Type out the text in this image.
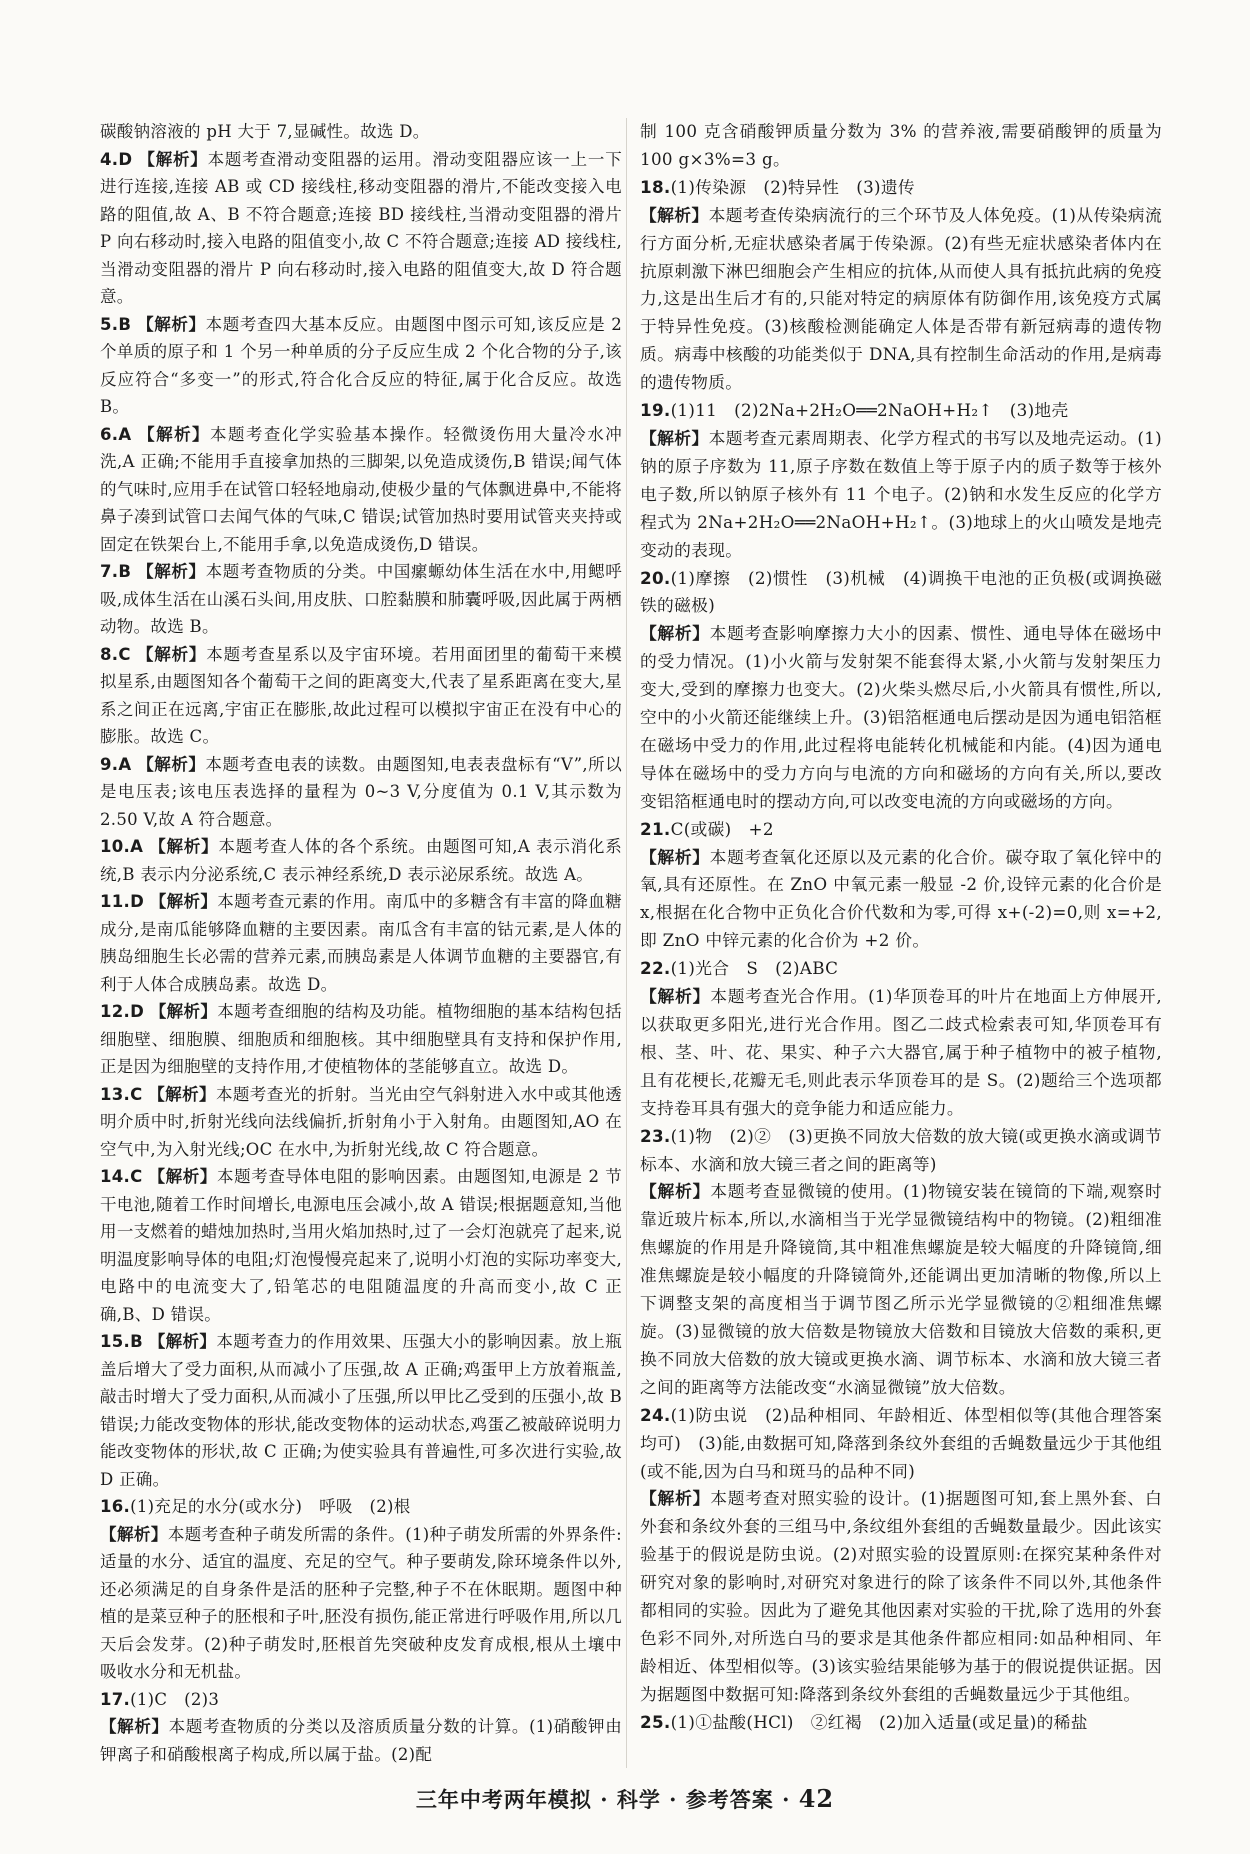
碳酸钠溶液的 pH 大于 7,显碱性。故选 D。
4.D 【解析】本题考查滑动变阻器的运用。滑动变阻器应该一上一下进行连接,连接 AB 或 CD 接线柱,移动变阻器的滑片,不能改变接入电路的阻值,故 A、B 不符合题意;连接 BD 接线柱,当滑动变阻器的滑片 P 向右移动时,接入电路的阻值变小,故 C 不符合题意;连接 AD 接线柱,当滑动变阻器的滑片 P 向右移动时,接入电路的阻值变大,故 D 符合题意。
5.B 【解析】本题考查四大基本反应。由题图中图示可知,该反应是 2 个单质的原子和 1 个另一种单质的分子反应生成 2 个化合物的分子,该反应符合“多变一”的形式,符合化合反应的特征,属于化合反应。故选 B。
6.A 【解析】本题考查化学实验基本操作。轻微烫伤用大量冷水冲洗,A 正确;不能用手直接拿加热的三脚架,以免造成烫伤,B 错误;闻气体的气味时,应用手在试管口轻轻地扇动,使极少量的气体飘进鼻中,不能将鼻子凑到试管口去闻气体的气味,C 错误;试管加热时要用试管夹夹持或固定在铁架台上,不能用手拿,以免造成烫伤,D 错误。
7.B 【解析】本题考查物质的分类。中国瘰螈幼体生活在水中,用鳃呼吸,成体生活在山溪石头间,用皮肤、口腔黏膜和肺囊呼吸,因此属于两栖动物。故选 B。
8.C 【解析】本题考查星系以及宇宙环境。若用面团里的葡萄干来模拟星系,由题图知各个葡萄干之间的距离变大,代表了星系距离在变大,星系之间正在远离,宇宙正在膨胀,故此过程可以模拟宇宙正在没有中心的膨胀。故选 C。
9.A 【解析】本题考查电表的读数。由题图知,电表表盘标有“V”,所以是电压表;该电压表选择的量程为 0~3 V,分度值为 0.1 V,其示数为 2.50 V,故 A 符合题意。
10.A 【解析】本题考查人体的各个系统。由题图可知,A 表示消化系统,B 表示内分泌系统,C 表示神经系统,D 表示泌尿系统。故选 A。
11.D 【解析】本题考查元素的作用。南瓜中的多糖含有丰富的降血糖成分,是南瓜能够降血糖的主要因素。南瓜含有丰富的钴元素,是人体的胰岛细胞生长必需的营养元素,而胰岛素是人体调节血糖的主要器官,有利于人体合成胰岛素。故选 D。
12.D 【解析】本题考查细胞的结构及功能。植物细胞的基本结构包括细胞壁、细胞膜、细胞质和细胞核。其中细胞壁具有支持和保护作用,正是因为细胞壁的支持作用,才使植物体的茎能够直立。故选 D。
13.C 【解析】本题考查光的折射。当光由空气斜射进入水中或其他透明介质中时,折射光线向法线偏折,折射角小于入射角。由题图知,AO 在空气中,为入射光线;OC 在水中,为折射光线,故 C 符合题意。
14.C 【解析】本题考查导体电阻的影响因素。由题图知,电源是 2 节干电池,随着工作时间增长,电源电压会减小,故 A 错误;根据题意知,当他用一支燃着的蜡烛加热时,当用火焰加热时,过了一会灯泡就亮了起来,说明温度影响导体的电阻;灯泡慢慢亮起来了,说明小灯泡的实际功率变大,电路中的电流变大了,铅笔芯的电阻随温度的升高而变小,故 C 正确,B、D 错误。
15.B 【解析】本题考查力的作用效果、压强大小的影响因素。放上瓶盖后增大了受力面积,从而减小了压强,故 A 正确;鸡蛋甲上方放着瓶盖,敲击时增大了受力面积,从而减小了压强,所以甲比乙受到的压强小,故 B 错误;力能改变物体的形状,能改变物体的运动状态,鸡蛋乙被敲碎说明力能改变物体的形状,故 C 正确;为使实验具有普遍性,可多次进行实验,故 D 正确。
16.(1)充足的水分(或水分)　呼吸　(2)根
【解析】本题考查种子萌发所需的条件。(1)种子萌发所需的外界条件:适量的水分、适宜的温度、充足的空气。种子要萌发,除环境条件以外,还必须满足的自身条件是活的胚种子完整,种子不在休眠期。题图中种植的是菜豆种子的胚根和子叶,胚没有损伤,能正常进行呼吸作用,所以几天后会发芽。(2)种子萌发时,胚根首先突破种皮发育成根,根从土壤中吸收水分和无机盐。
17.(1)C　(2)3
【解析】本题考查物质的分类以及溶质质量分数的计算。(1)硝酸钾由钾离子和硝酸根离子构成,所以属于盐。(2)配
制 100 克含硝酸钾质量分数为 3% 的营养液,需要硝酸钾的质量为 100 g×3%=3 g。
18.(1)传染源　(2)特异性　(3)遗传
【解析】本题考查传染病流行的三个环节及人体免疫。(1)从传染病流行方面分析,无症状感染者属于传染源。(2)有些无症状感染者体内在抗原刺激下淋巴细胞会产生相应的抗体,从而使人具有抵抗此病的免疫力,这是出生后才有的,只能对特定的病原体有防御作用,该免疫方式属于特异性免疫。(3)核酸检测能确定人体是否带有新冠病毒的遗传物质。病毒中核酸的功能类似于 DNA,具有控制生命活动的作用,是病毒的遗传物质。
19.(1)11　(2)2Na+2H₂O══2NaOH+H₂↑　(3)地壳
【解析】本题考查元素周期表、化学方程式的书写以及地壳运动。(1)钠的原子序数为 11,原子序数在数值上等于原子内的质子数等于核外电子数,所以钠原子核外有 11 个电子。(2)钠和水发生反应的化学方程式为 2Na+2H₂O══2NaOH+H₂↑。(3)地球上的火山喷发是地壳变动的表现。
20.(1)摩擦　(2)惯性　(3)机械　(4)调换干电池的正负极(或调换磁铁的磁极)
【解析】本题考查影响摩擦力大小的因素、惯性、通电导体在磁场中的受力情况。(1)小火箭与发射架不能套得太紧,小火箭与发射架压力变大,受到的摩擦力也变大。(2)火柴头燃尽后,小火箭具有惯性,所以,空中的小火箭还能继续上升。(3)铝箔框通电后摆动是因为通电铝箔框在磁场中受力的作用,此过程将电能转化机械能和内能。(4)因为通电导体在磁场中的受力方向与电流的方向和磁场的方向有关,所以,要改变铝箔框通电时的摆动方向,可以改变电流的方向或磁场的方向。
21.C(或碳)　+2
【解析】本题考查氧化还原以及元素的化合价。碳夺取了氧化锌中的氧,具有还原性。在 ZnO 中氧元素一般显 -2 价,设锌元素的化合价是 x,根据在化合物中正负化合价代数和为零,可得 x+(-2)=0,则 x=+2,即 ZnO 中锌元素的化合价为 +2 价。
22.(1)光合　S　(2)ABC
【解析】本题考查光合作用。(1)华顶卷耳的叶片在地面上方伸展开,以获取更多阳光,进行光合作用。图乙二歧式检索表可知,华顶卷耳有根、茎、叶、花、果实、种子六大器官,属于种子植物中的被子植物,且有花梗长,花瓣无毛,则此表示华顶卷耳的是 S。(2)题给三个选项都支持卷耳具有强大的竞争能力和适应能力。
23.(1)物　(2)②　(3)更换不同放大倍数的放大镜(或更换水滴或调节标本、水滴和放大镜三者之间的距离等)
【解析】本题考查显微镜的使用。(1)物镜安装在镜筒的下端,观察时靠近玻片标本,所以,水滴相当于光学显微镜结构中的物镜。(2)粗细准焦螺旋的作用是升降镜筒,其中粗准焦螺旋是较大幅度的升降镜筒,细准焦螺旋是较小幅度的升降镜筒外,还能调出更加清晰的物像,所以上下调整支架的高度相当于调节图乙所示光学显微镜的②粗细准焦螺旋。(3)显微镜的放大倍数是物镜放大倍数和目镜放大倍数的乘积,更换不同放大倍数的放大镜或更换水滴、调节标本、水滴和放大镜三者之间的距离等方法能改变“水滴显微镜”放大倍数。
24.(1)防虫说　(2)品种相同、年龄相近、体型相似等(其他合理答案均可)　(3)能,由数据可知,降落到条纹外套组的舌蝇数量远少于其他组(或不能,因为白马和斑马的品种不同)
【解析】本题考查对照实验的设计。(1)据题图可知,套上黑外套、白外套和条纹外套的三组马中,条纹组外套组的舌蝇数量最少。因此该实验基于的假说是防虫说。(2)对照实验的设置原则:在探究某种条件对研究对象的影响时,对研究对象进行的除了该条件不同以外,其他条件都相同的实验。因此为了避免其他因素对实验的干扰,除了选用的外套色彩不同外,对所选白马的要求是其他条件都应相同:如品种相同、年龄相近、体型相似等。(3)该实验结果能够为基于的假说提供证据。因为据题图中数据可知:降落到条纹外套组的舌蝇数量远少于其他组。
25.(1)①盐酸(HCl)　②红褐　(2)加入适量(或足量)的稀盐
三年中考两年模拟 · 科学 · 参考答案 · 42
